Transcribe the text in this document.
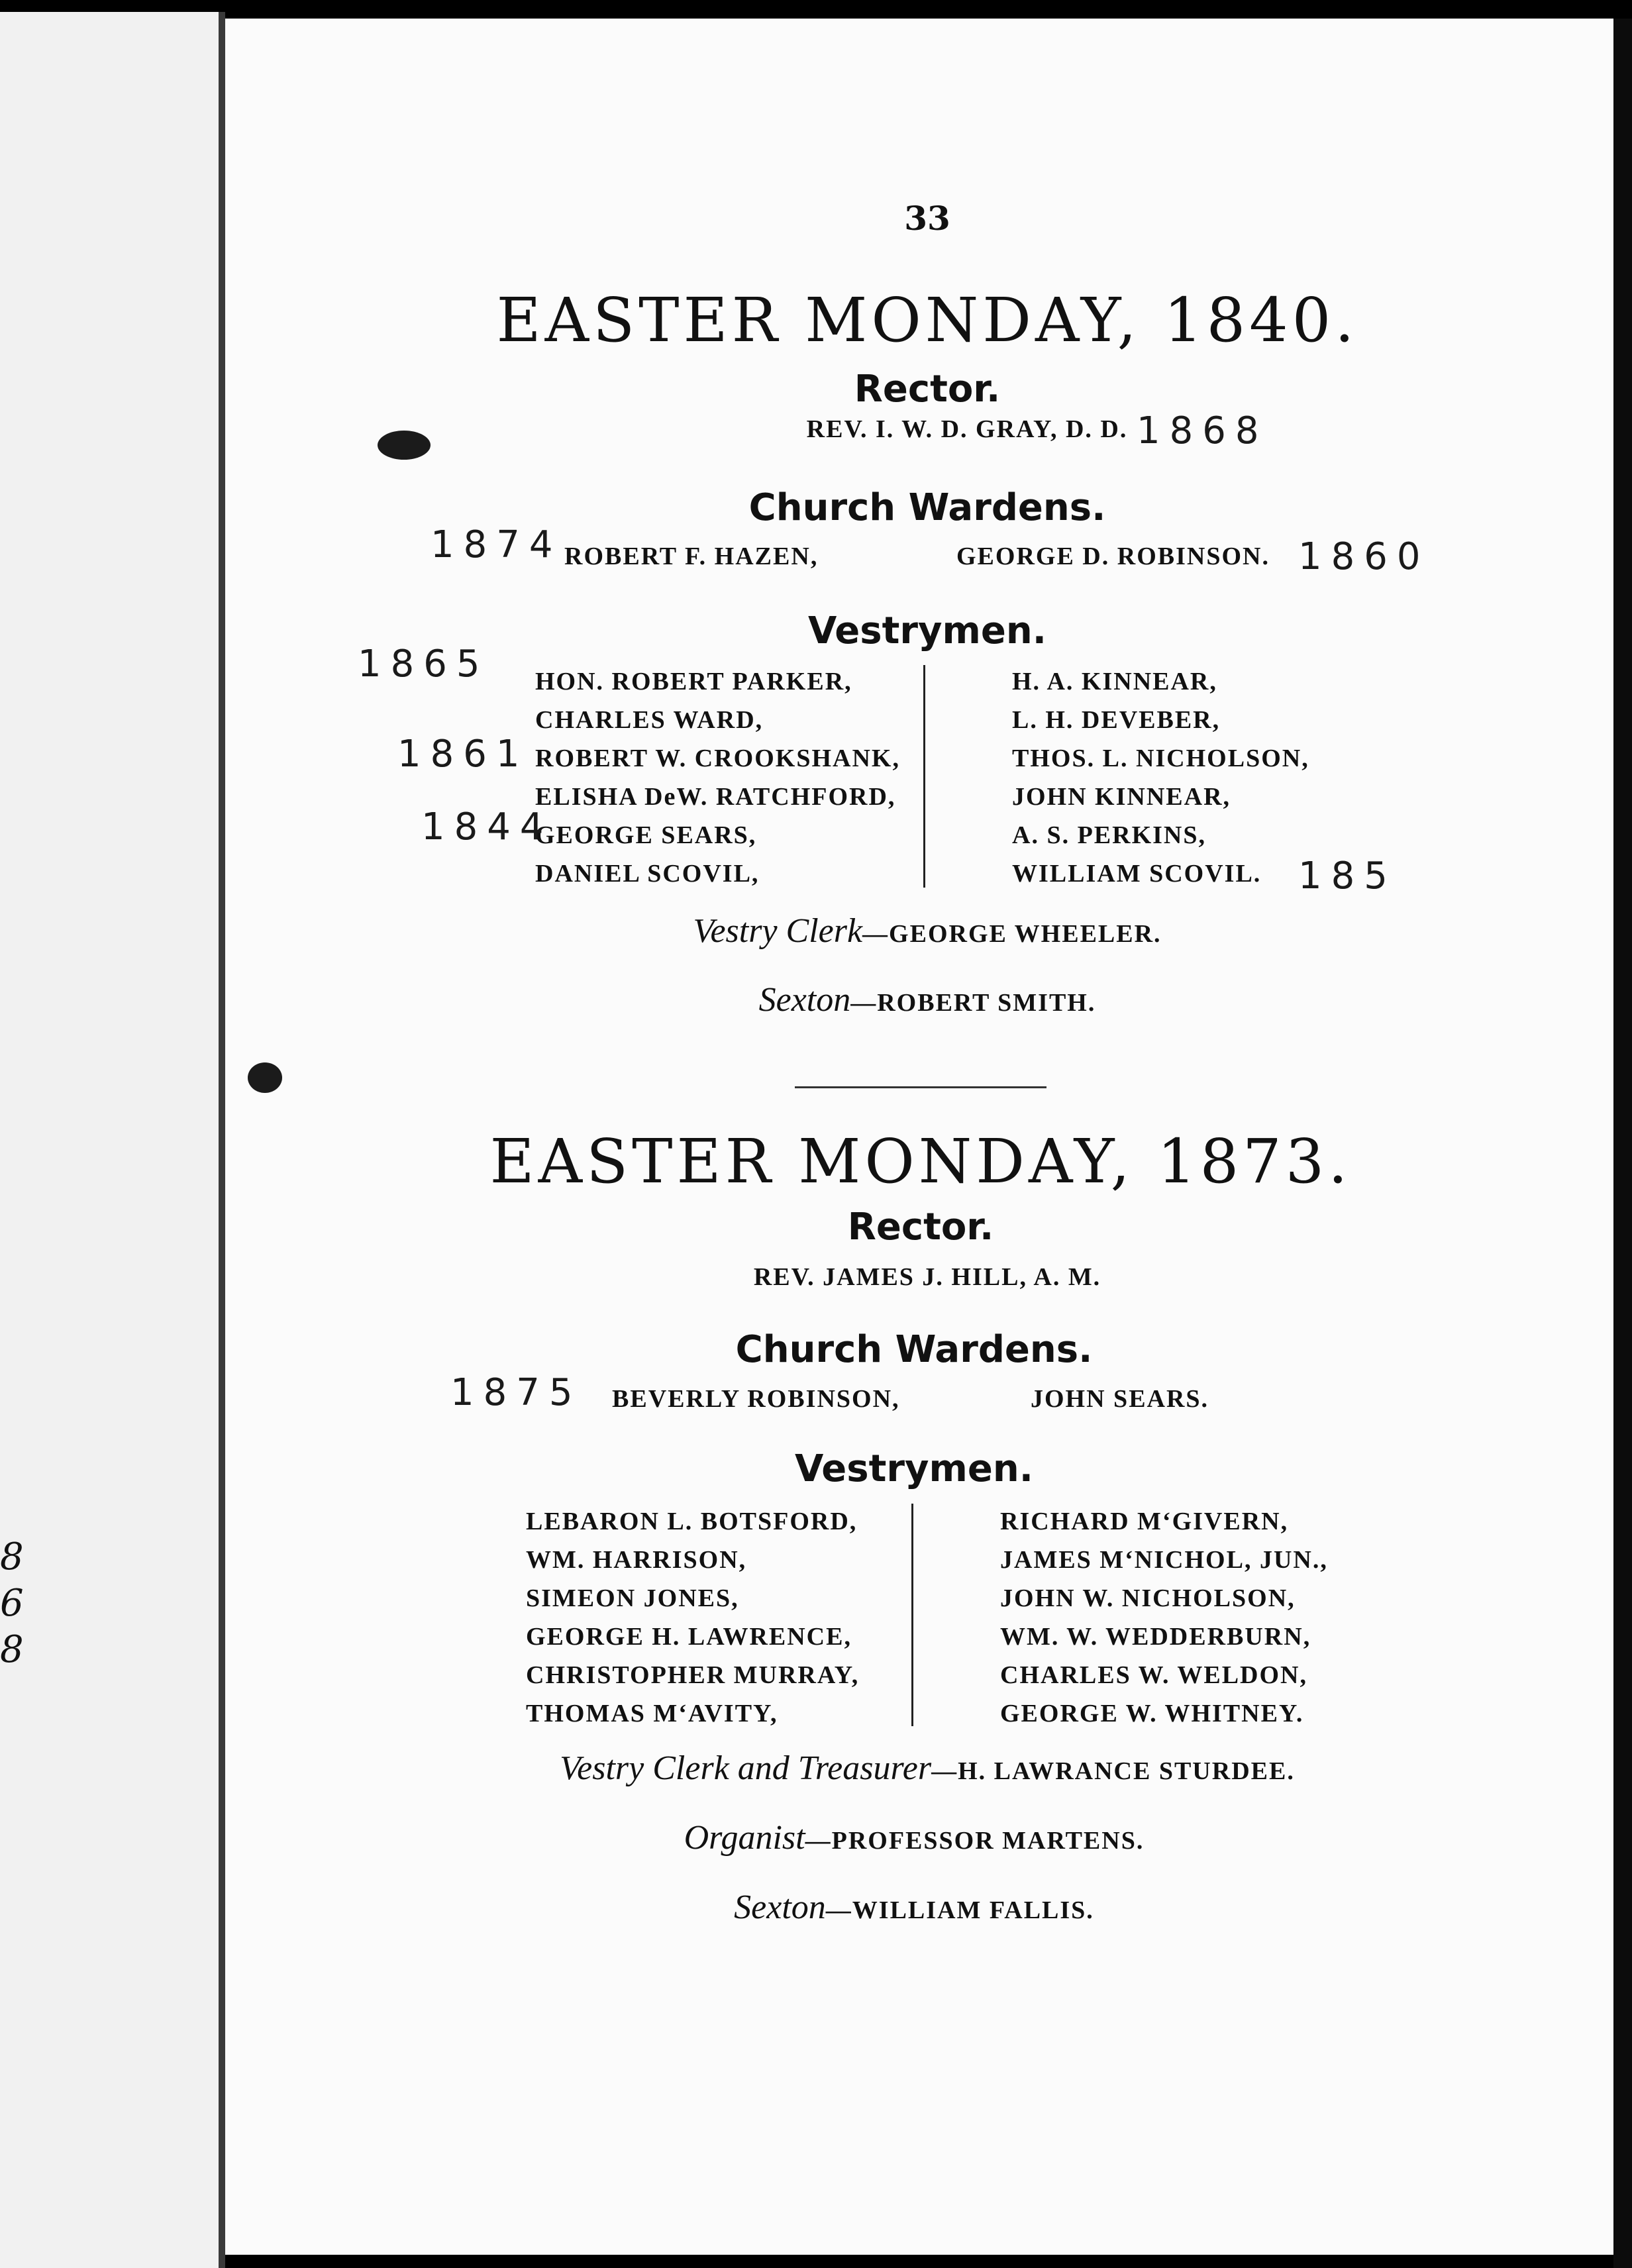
8
6
8
33
EASTER MONDAY, 1840.
Rector.
REV. I. W. D. GRAY, D. D. 1868
Church Wardens.
1874 ROBERT F. HAZEN,	GEORGE D. ROBINSON. 1860
Vestrymen.
HON. ROBERT PARKER,
CHARLES WARD,
ROBERT W. CROOKSHANK,
ELISHA DeW. RATCHFORD,
GEORGE SEARS,
DANIEL SCOVIL,
H. A. KINNEAR,
L. H. DEVEBER,
THOS. L. NICHOLSON,
JOHN KINNEAR,
A. S. PERKINS,
WILLIAM SCOVIL.
1865
1861
1844
185
Vestry Clerk—GEORGE WHEELER.
Sexton—ROBERT SMITH.
EASTER MONDAY, 1873.
Rector.
REV. JAMES J. HILL, A. M.
Church Wardens.
1875 BEVERLY ROBINSON,	JOHN SEARS.
Vestrymen.
LEBARON L. BOTSFORD,
WM. HARRISON,
SIMEON JONES,
GEORGE H. LAWRENCE,
CHRISTOPHER MURRAY,
THOMAS M‘AVITY,
RICHARD M‘GIVERN,
JAMES M‘NICHOL, JUN.,
JOHN W. NICHOLSON,
WM. W. WEDDERBURN,
CHARLES W. WELDON,
GEORGE W. WHITNEY.
Vestry Clerk and Treasurer—H. LAWRANCE STURDEE.
Organist—PROFESSOR MARTENS.
Sexton—WILLIAM FALLIS.
